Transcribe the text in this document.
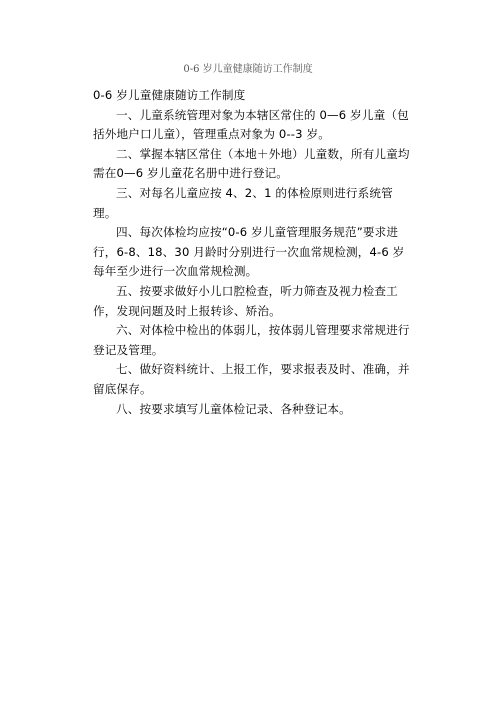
0-6 岁儿童健康随访工作制度

0-6 岁儿童健康随访工作制度

一、儿童系统管理对象为本辖区常住的 0—6 岁儿童（包括外地户口儿童），管理重点对象为 0--3 岁。

二、掌握本辖区常住（本地＋外地）儿童数，所有儿童均需在0—6 岁儿童花名册中进行登记。

三、对每名儿童应按 4、2、1 的体检原则进行系统管理。

四、每次体检均应按“0-6 岁儿童管理服务规范”要求进行，6-8、18、30 月龄时分别进行一次血常规检测，4-6 岁每年至少进行一次血常规检测。

五、按要求做好小儿口腔检查，听力筛查及视力检查工作，发现问题及时上报转诊、矫治。

六、对体检中检出的体弱儿，按体弱儿管理要求常规进行登记及管理。

七、做好资料统计、上报工作，要求报表及时、准确，并留底保存。

八、按要求填写儿童体检记录、各种登记本。
